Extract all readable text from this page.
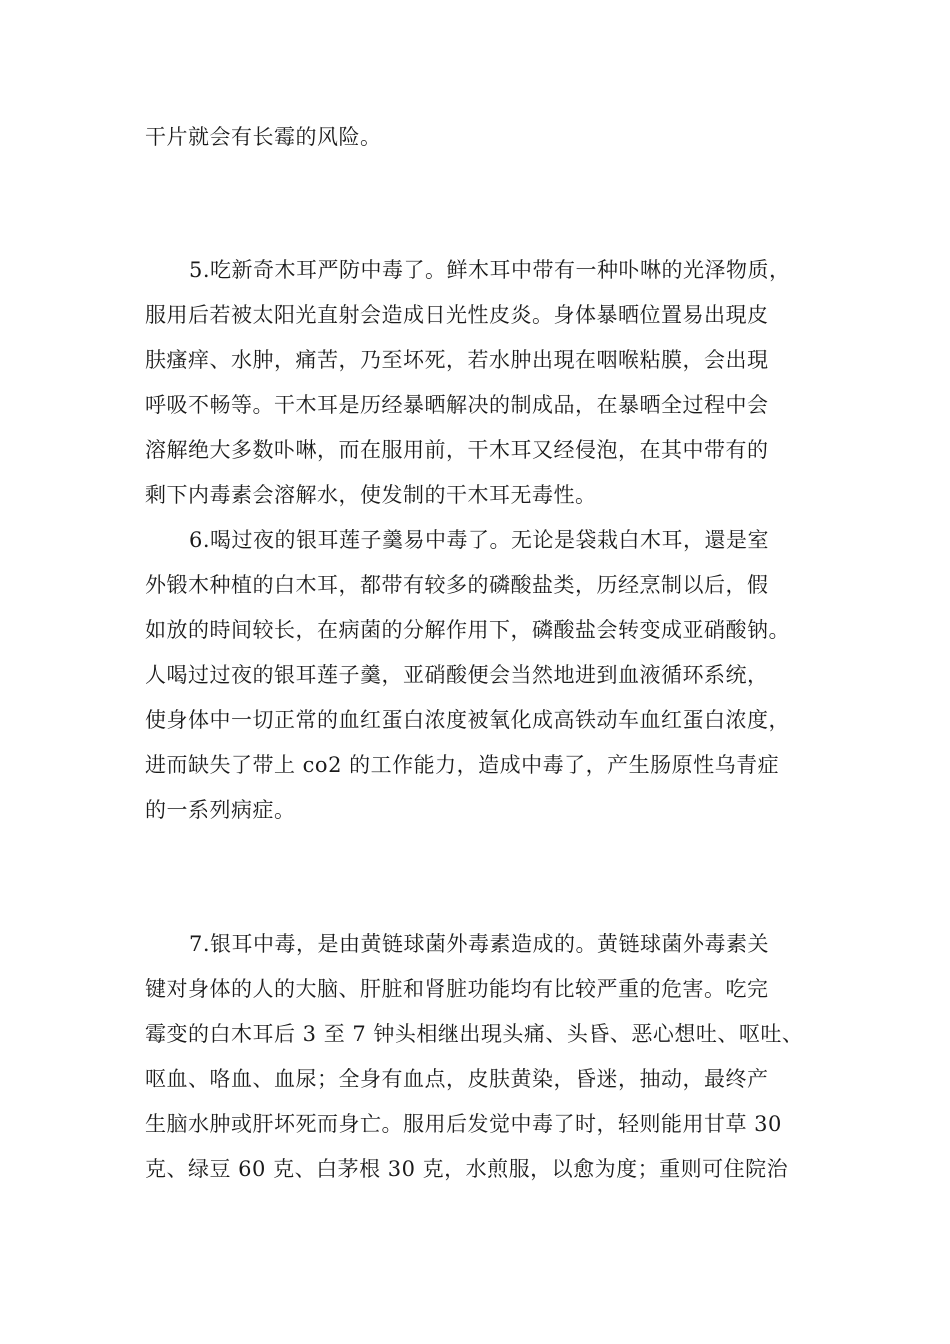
干片就会有长霉的风险。
5.吃新奇木耳严防中毒了。鲜木耳中带有一种卟啉的光泽物质，
服用后若被太阳光直射会造成日光性皮炎。身体暴晒位置易出現皮
肤瘙痒、水肿，痛苦，乃至坏死，若水肿出現在咽喉粘膜，会出現
呼吸不畅等。干木耳是历经暴晒解决的制成品，在暴晒全过程中会
溶解绝大多数卟啉，而在服用前，干木耳又经侵泡，在其中带有的
剩下内毒素会溶解水，使发制的干木耳无毒性。
6.喝过夜的银耳莲子羹易中毒了。无论是袋栽白木耳，還是室
外锻木种植的白木耳，都带有较多的磷酸盐类，历经烹制以后，假
如放的時间较长，在病菌的分解作用下，磷酸盐会转变成亚硝酸钠。
人喝过过夜的银耳莲子羹，亚硝酸便会当然地进到血液循环系统，
使身体中一切正常的血红蛋白浓度被氧化成高铁动车血红蛋白浓度，
进而缺失了带上 co2 的工作能力，造成中毒了，产生肠原性乌青症
的一系列病症。
7.银耳中毒，是由黄链球菌外毒素造成的。黄链球菌外毒素关
键对身体的人的大脑、肝脏和肾脏功能均有比较严重的危害。吃完
霉变的白木耳后 3 至 7 钟头相继出現头痛、头昏、恶心想吐、呕吐、
呕血、咯血、血尿；全身有血点，皮肤黄染，昏迷，抽动，最终产
生脑水肿或肝坏死而身亡。服用后发觉中毒了时，轻则能用甘草 30
克、绿豆 60 克、白茅根 30 克，水煎服，以愈为度；重则可住院治
